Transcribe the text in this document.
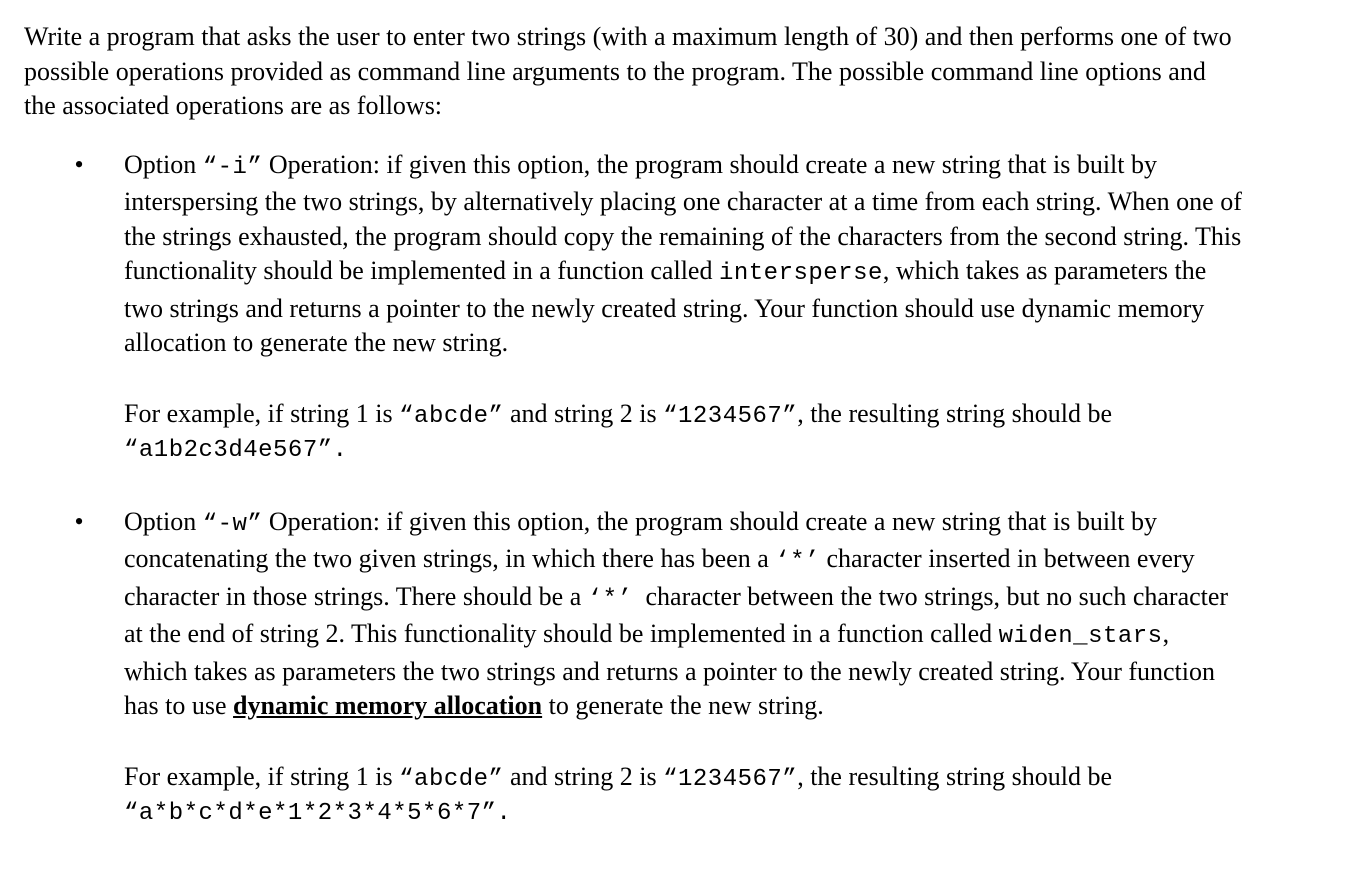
Write a program that asks the user to enter two strings (with a maximum length of 30) and then performs one of two
possible operations provided as command line arguments to the program. The possible command line options and
the associated operations are as follows:

• Option “-i” Operation: if given this option, the program should create a new string that is built by
interspersing the two strings, by alternatively placing one character at a time from each string. When one of
the strings exhausted, the program should copy the remaining of the characters from the second string. This
functionality should be implemented in a function called intersperse, which takes as parameters the
two strings and returns a pointer to the newly created string. Your function should use dynamic memory
allocation to generate the new string.

For example, if string 1 is “abcde” and string 2 is “1234567”, the resulting string should be
“a1b2c3d4e567”.

• Option “-w” Operation: if given this option, the program should create a new string that is built by
concatenating the two given strings, in which there has been a ‘*’ character inserted in between every
character in those strings. There should be a ‘*’  character between the two strings, but no such character
at the end of string 2. This functionality should be implemented in a function called widen_stars,
which takes as parameters the two strings and returns a pointer to the newly created string. Your function
has to use dynamic memory allocation to generate the new string.

For example, if string 1 is “abcde” and string 2 is “1234567”, the resulting string should be
“a*b*c*d*e*1*2*3*4*5*6*7”.
